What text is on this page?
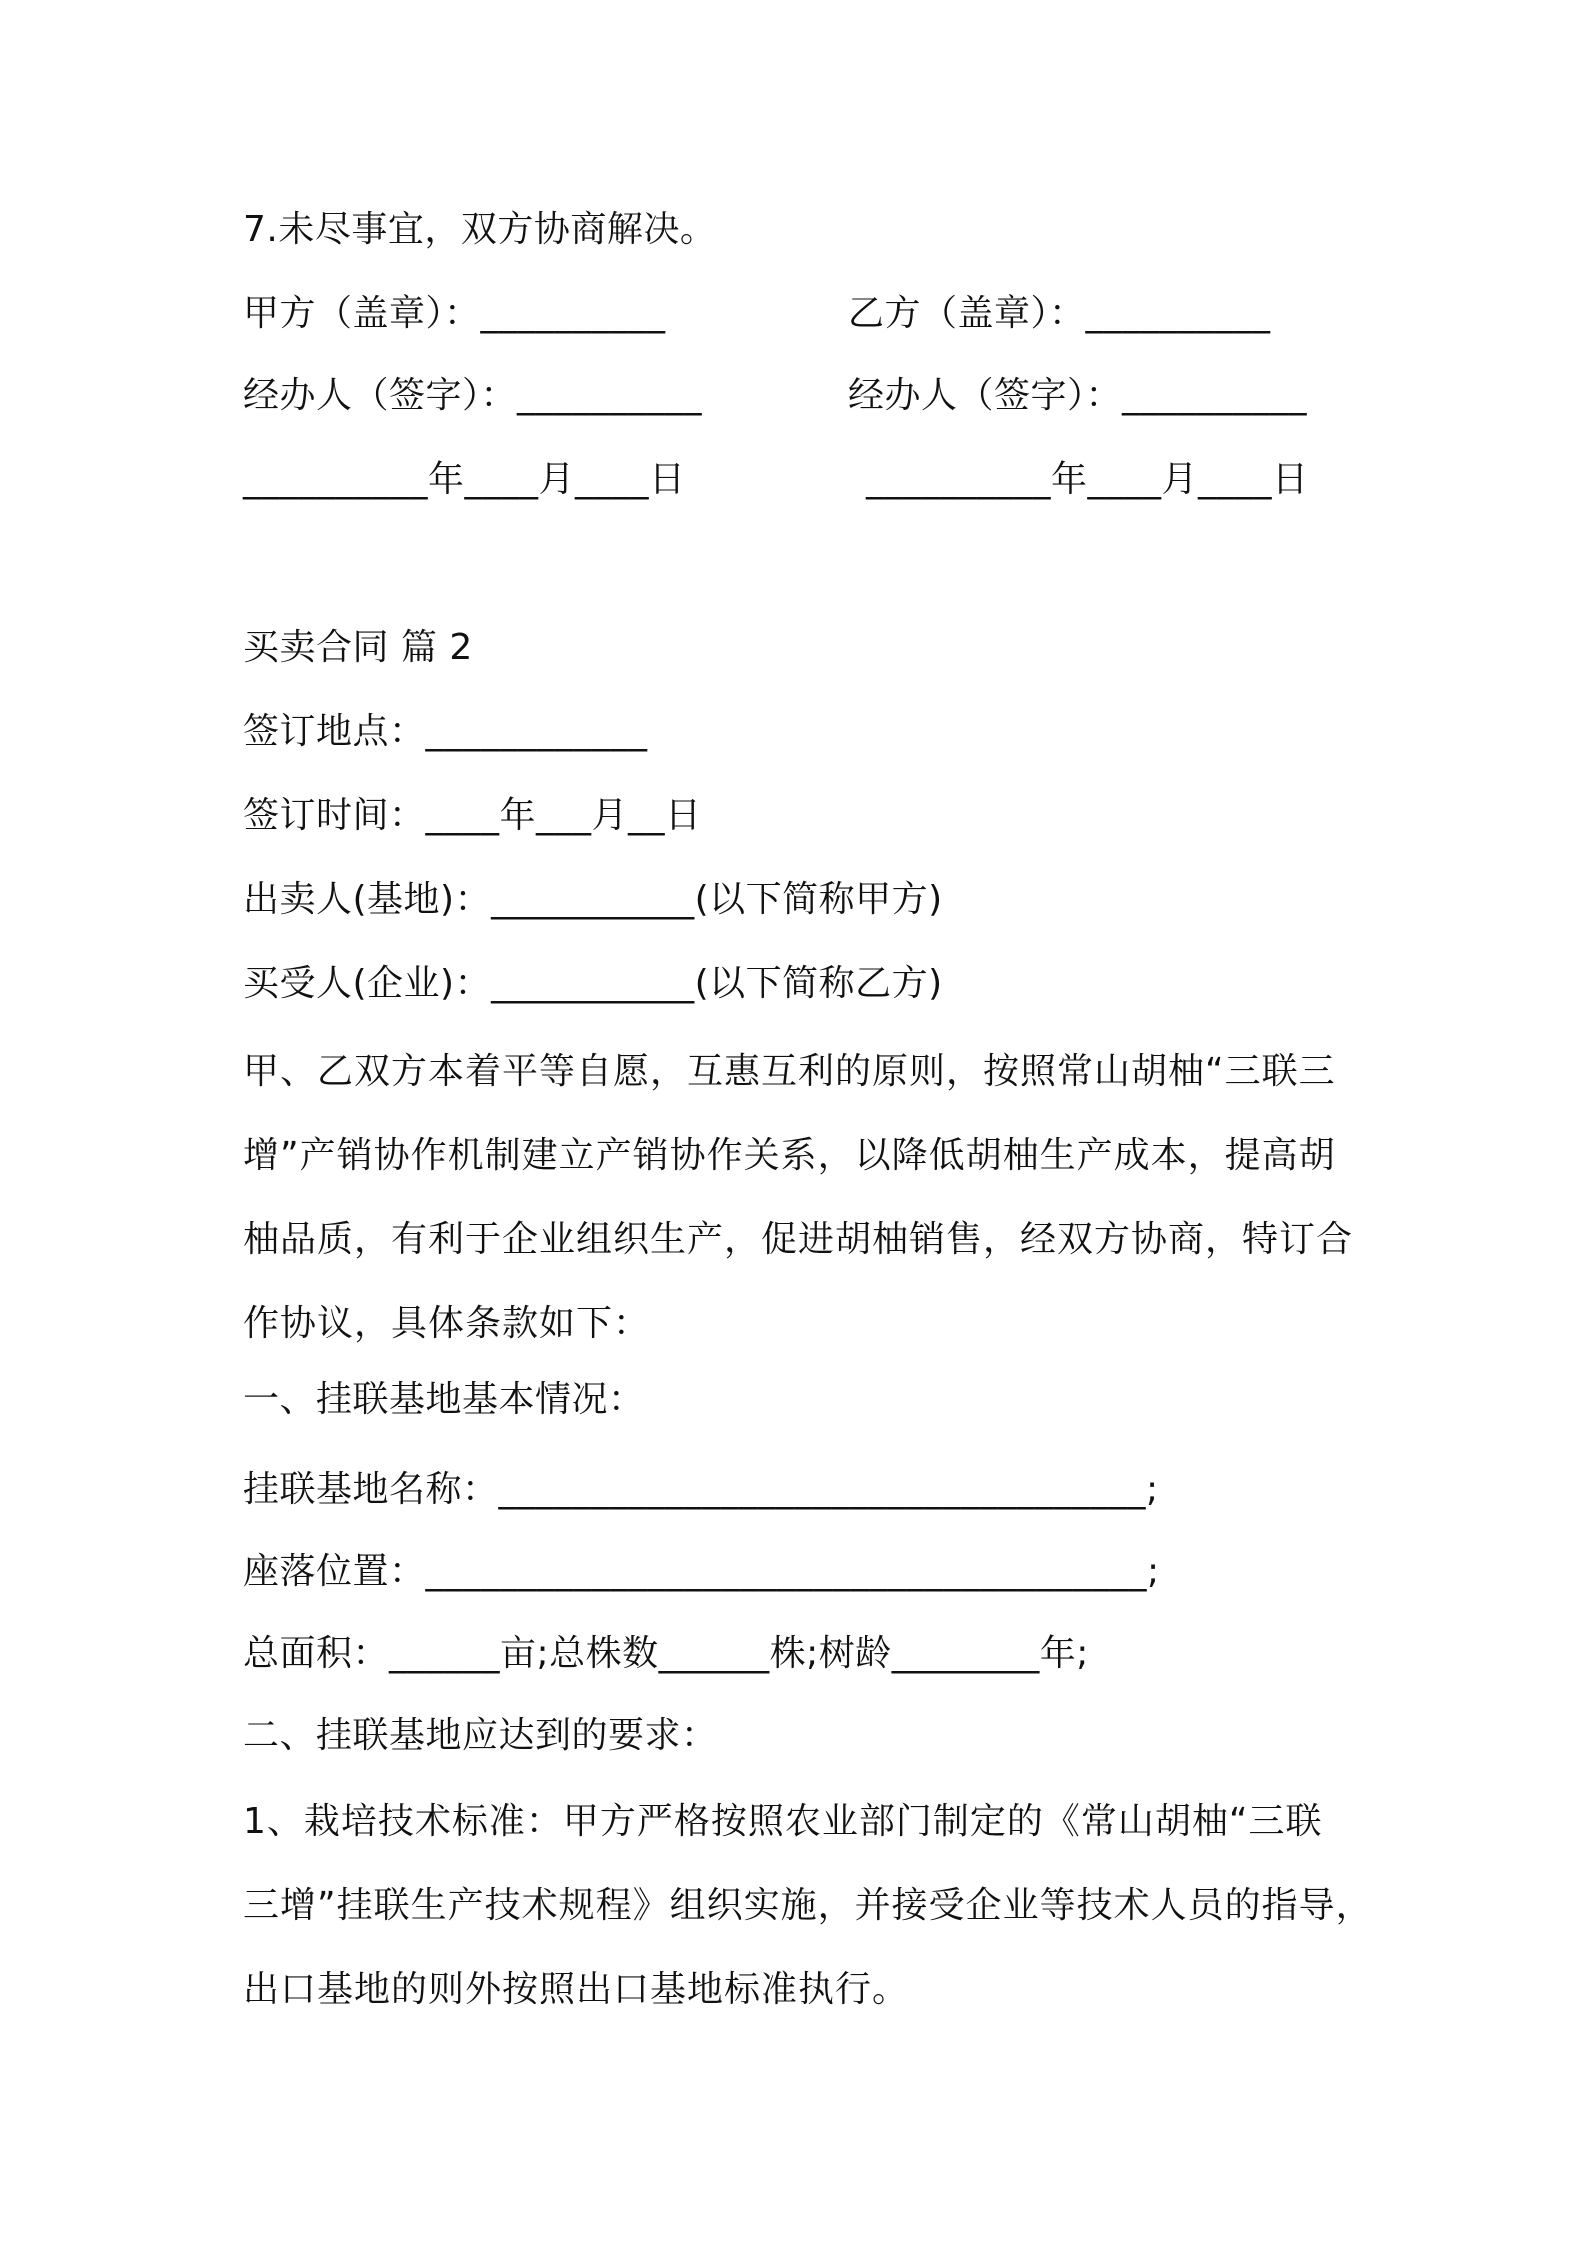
7.未尽事宜，双方协商解决。
甲方（盖章）：__________	乙方（盖章）：__________
经办人（签字）：__________	经办人（签字）：__________
__________年____月____日	__________年____月____日
买卖合同 篇 2
签订地点：____________
签订时间：____年___月__日
出卖人(基地)：___________(以下简称甲方)
买受人(企业)：___________(以下简称乙方)
甲、乙双方本着平等自愿，互惠互利的原则，按照常山胡柚“三联三
增”产销协作机制建立产销协作关系，以降低胡柚生产成本，提高胡
柚品质，有利于企业组织生产，促进胡柚销售，经双方协商，特订合
作协议，具体条款如下：
一、挂联基地基本情况：
挂联基地名称：___________________________________;
座落位置：_______________________________________;
总面积：______亩;总株数______株;树龄________年;
二、挂联基地应达到的要求：
1、栽培技术标准：甲方严格按照农业部门制定的《常山胡柚“三联
三增”挂联生产技术规程》组织实施，并接受企业等技术人员的指导，
出口基地的则外按照出口基地标准执行。
